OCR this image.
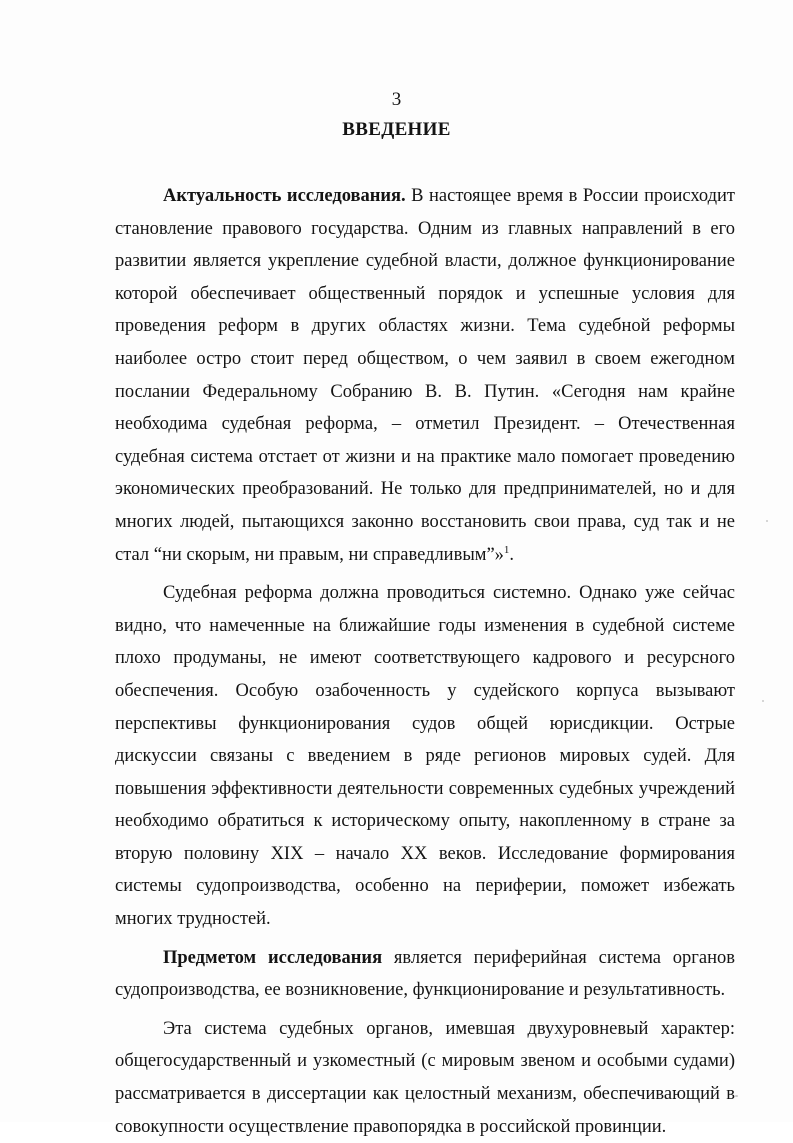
3
ВВЕДЕНИЕ

Актуальность исследования. В настоящее время в России происходит становление правового государства. Одним из главных направлений в его развитии является укрепление судебной власти, должное функционирование которой обеспечивает общественный порядок и успешные условия для проведения реформ в других областях жизни. Тема судебной реформы наиболее остро стоит перед обществом, о чем заявил в своем ежегодном послании Федеральному Собранию В. В. Путин. «Сегодня нам крайне необходима судебная реформа, – отметил Президент. – Отечественная судебная система отстает от жизни и на практике мало помогает проведению экономических преобразований. Не только для предпринимателей, но и для многих людей, пытающихся законно восстановить свои права, суд так и не стал “ни скорым, ни правым, ни справедливым”»$^1$.

Судебная реформа должна проводиться системно. Однако уже сейчас видно, что намеченные на ближайшие годы изменения в судебной системе плохо продуманы, не имеют соответствующего кадрового и ресурсного обеспечения. Особую озабоченность у судейского корпуса вызывают перспективы функционирования судов общей юрисдикции. Острые дискуссии связаны с введением в ряде регионов мировых судей. Для повышения эффективности деятельности современных судебных учреждений необходимо обратиться к историческому опыту, накопленному в стране за вторую половину XIX – начало XX веков. Исследование формирования системы судопроизводства, особенно на периферии, поможет избежать многих трудностей.

Предметом исследования является периферийная система органов судопроизводства, ее возникновение, функционирование и результативность.

Эта система судебных органов, имевшая двухуровневый характер: общегосударственный и узкоместный (с мировым звеном и особыми судами) рассматривается в диссертации как целостный механизм, обеспечивающий в совокупности осуществление правопорядка в российской провинции.
